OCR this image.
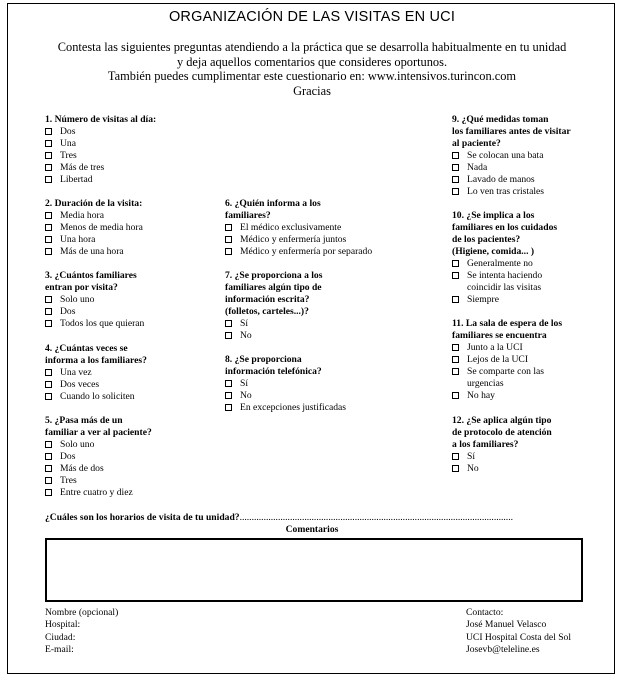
ORGANIZACIÓN DE LAS VISITAS EN UCI
Contesta las siguientes preguntas atendiendo a la práctica que se desarrolla habitualmente en tu unidad
y deja aquellos comentarios que consideres oportunos.
También puedes cumplimentar este cuestionario en: www.intensivos.turincon.com
Gracias
1. Número de visitas al día:
Dos
Una
Tres
Más de tres
Libertad
2. Duración de la visita:
Media hora
Menos de media hora
Una hora
Más de una hora
3. ¿Cuántos familiares
entran por visita?
Solo uno
Dos
Todos los que quieran
4. ¿Cuántas veces se
informa a los familiares?
Una vez
Dos veces
Cuando lo soliciten
5. ¿Pasa más de un
familiar a ver al paciente?
Solo uno
Dos
Más de dos
Tres
Entre cuatro y diez
6. ¿Quién informa a los
familiares?
El médico exclusivamente
Médico y enfermería juntos
Médico y enfermería por separado
7. ¿Se proporciona a los
familiares algún tipo de
información escrita?
(folletos, carteles...)?
Sí
No
8. ¿Se proporciona
información telefónica?
Sí
No
En excepciones justificadas
9. ¿Qué medidas toman
los familiares antes de visitar
al paciente?
Se colocan una bata
Nada
Lavado de manos
Lo ven tras cristales
10. ¿Se implica a los
familiares en los cuidados
de los pacientes?
(Higiene, comida... )
Generalmente no
Se intenta haciendo
coincidir las visitas
Siempre
11. La sala de espera de los
familiares se encuentra
Junto a la UCI
Lejos de la UCI
Se comparte con las
urgencias
No hay
12. ¿Se aplica algún tipo
de protocolo de atención
a los familiares?
Sí
No
¿Cuáles son los horarios de visita de tu unidad?..................................................................................................................
Comentarios
Nombre (opcional)
Hospital:
Ciudad:
E-mail:
Contacto:
José Manuel Velasco
UCI Hospital Costa del Sol
Josevb@teleline.es
